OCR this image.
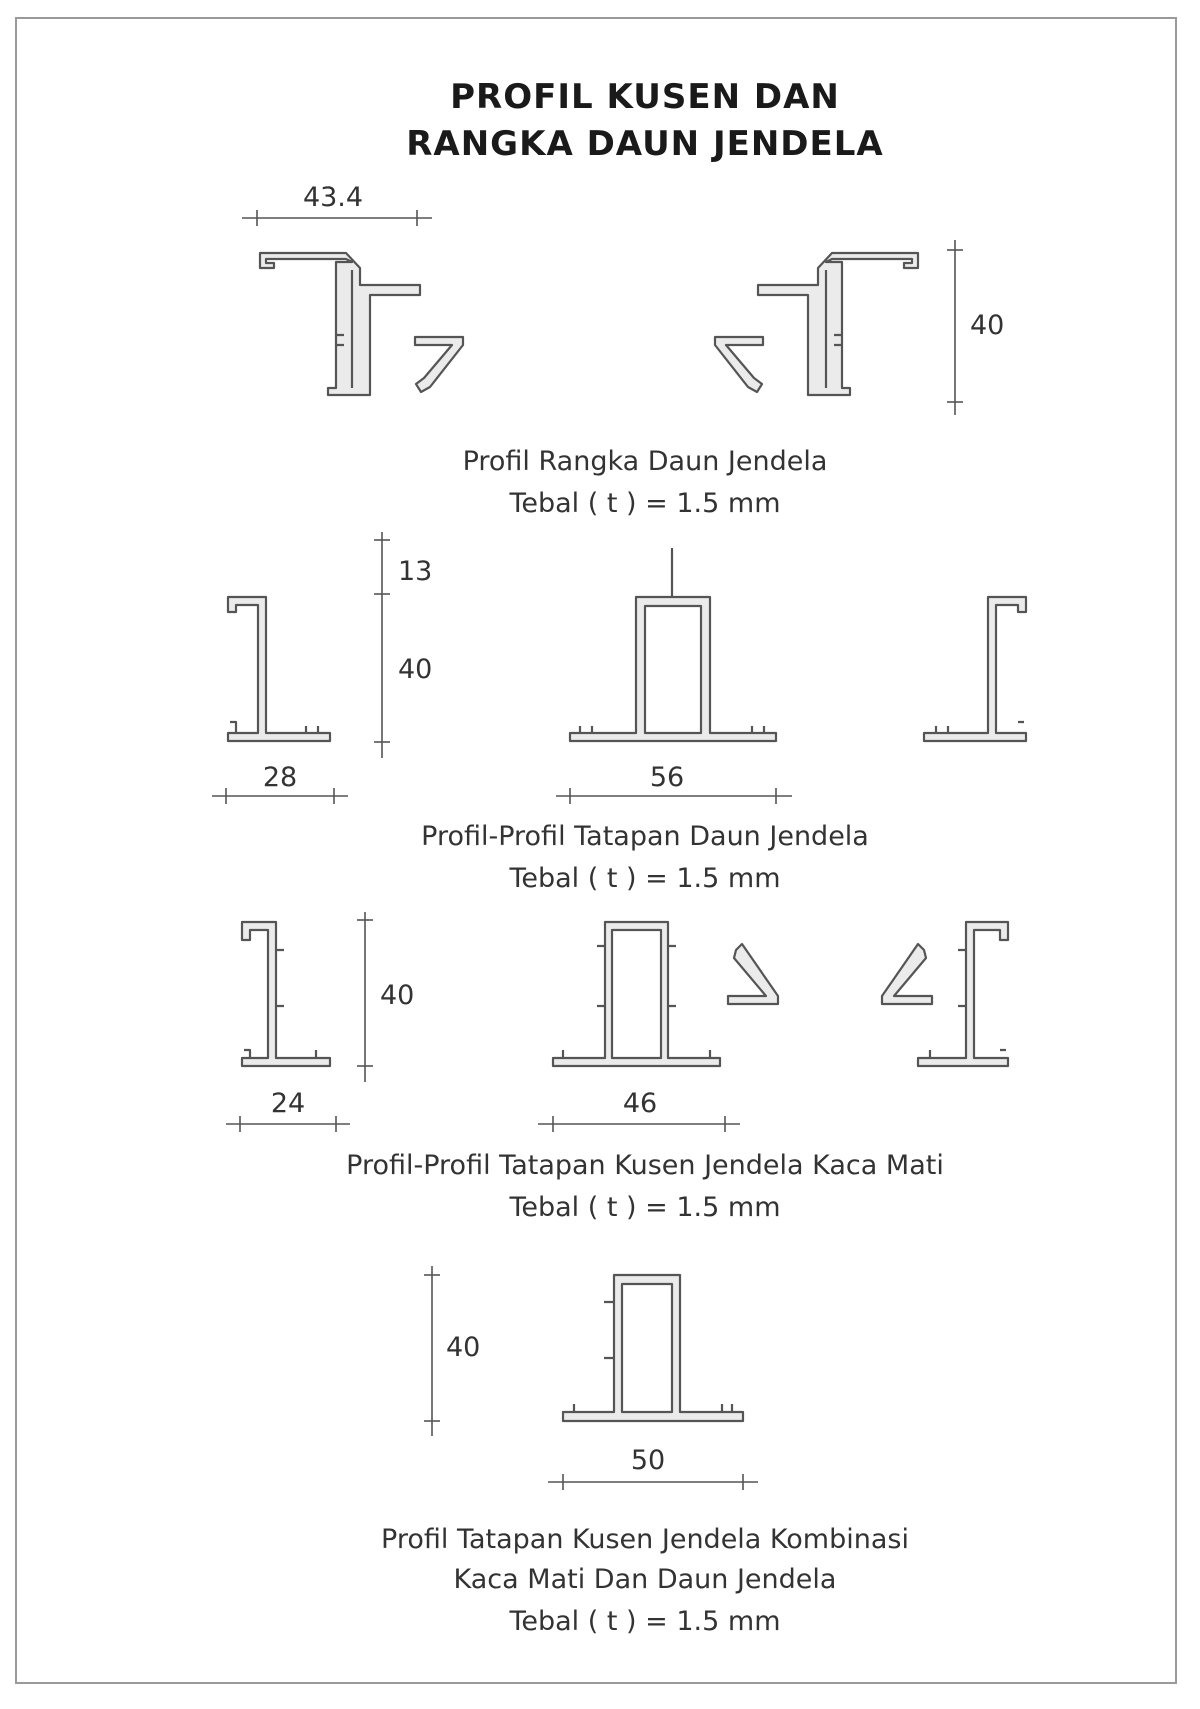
PROFIL KUSEN DAN
RANGKA DAUN JENDELA
43.4
40
Profil Rangka Daun Jendela
Tebal ( t ) = 1.5 mm
13
40
28	56
Profil-Profil Tatapan Daun Jendela
Tebal ( t ) = 1.5 mm
40
24	46
Profil-Profil Tatapan Kusen Jendela Kaca Mati
Tebal ( t ) = 1.5 mm
40
50
Profil Tatapan Kusen Jendela Kombinasi
Kaca Mati Dan Daun Jendela
Tebal ( t ) = 1.5 mm
